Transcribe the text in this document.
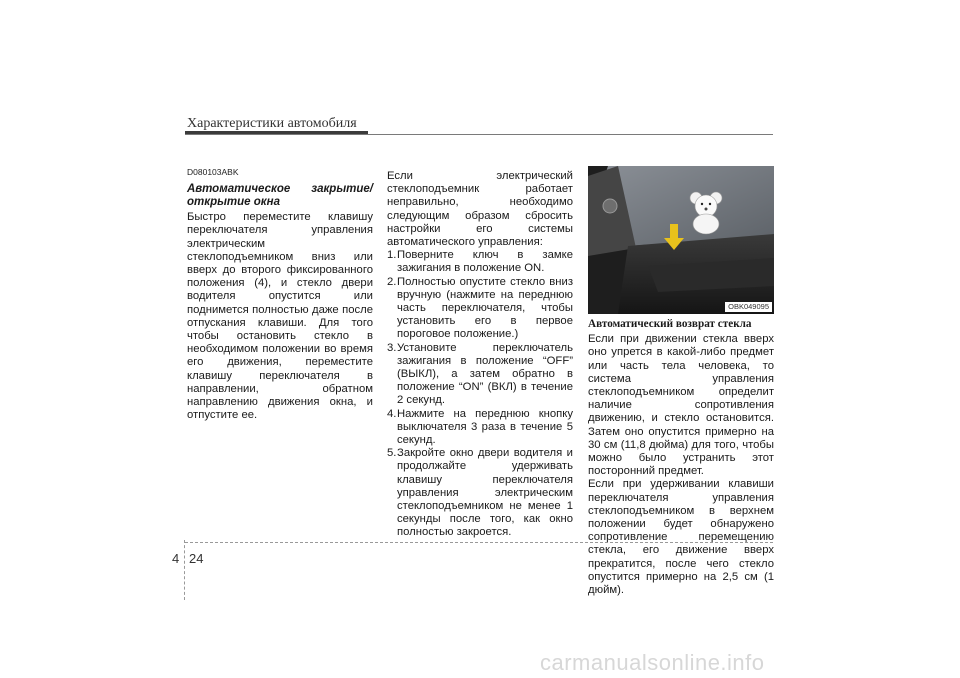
Характеристики автомобиля
D080103ABK
Автоматическое закрытие/ открытие окна

Быстро переместите клавишу переключателя управления электрическим стеклоподъемником вниз или вверх до второго фиксированного положения (4), и стекло двери водителя опустится или поднимется полностью даже после отпускания клавиши. Для того чтобы остановить стекло в необходимом положении во время его движения, переместите клавишу переключателя в направлении, обратном направлению движения окна, и отпустите ее.

Если электрический стеклоподъемник работает неправильно, необходимо следующим образом сбросить настройки его системы автоматического управления:

1. Поверните ключ в замке зажигания в положение ON.
2. Полностью опустите стекло вниз вручную (нажмите на переднюю часть переключателя, чтобы установить его в первое пороговое положение.)
3. Установите переключатель зажигания в положение “OFF” (ВЫКЛ), а затем обратно в положение “ON” (ВКЛ) в течение 2 секунд.
4. Нажмите на переднюю кнопку выключателя 3 раза в течение 5 секунд.
5. Закройте окно двери водителя и продолжайте удерживать клавишу переключателя управления электрическим стеклоподъемником не менее 1 секунды после того, как окно полностью закроется.
OBK049095
Автоматический возврат стекла

Если при движении стекла вверх оно упрется в какой-либо предмет или часть тела человека, то система управления стеклоподъемником определит наличие сопротивления движению, и стекло остановится. Затем оно опустится примерно на 30 см (11,8 дюйма) для того, чтобы можно было устранить этот посторонний предмет.

Если при удерживании клавиши переключателя управления стеклоподъемником в верхнем положении будет обнаружено сопротивление перемещению стекла, его движение вверх прекратится, после чего стекло опустится примерно на 2,5 см (1 дюйм).

4 24
carmanualsonline.info
